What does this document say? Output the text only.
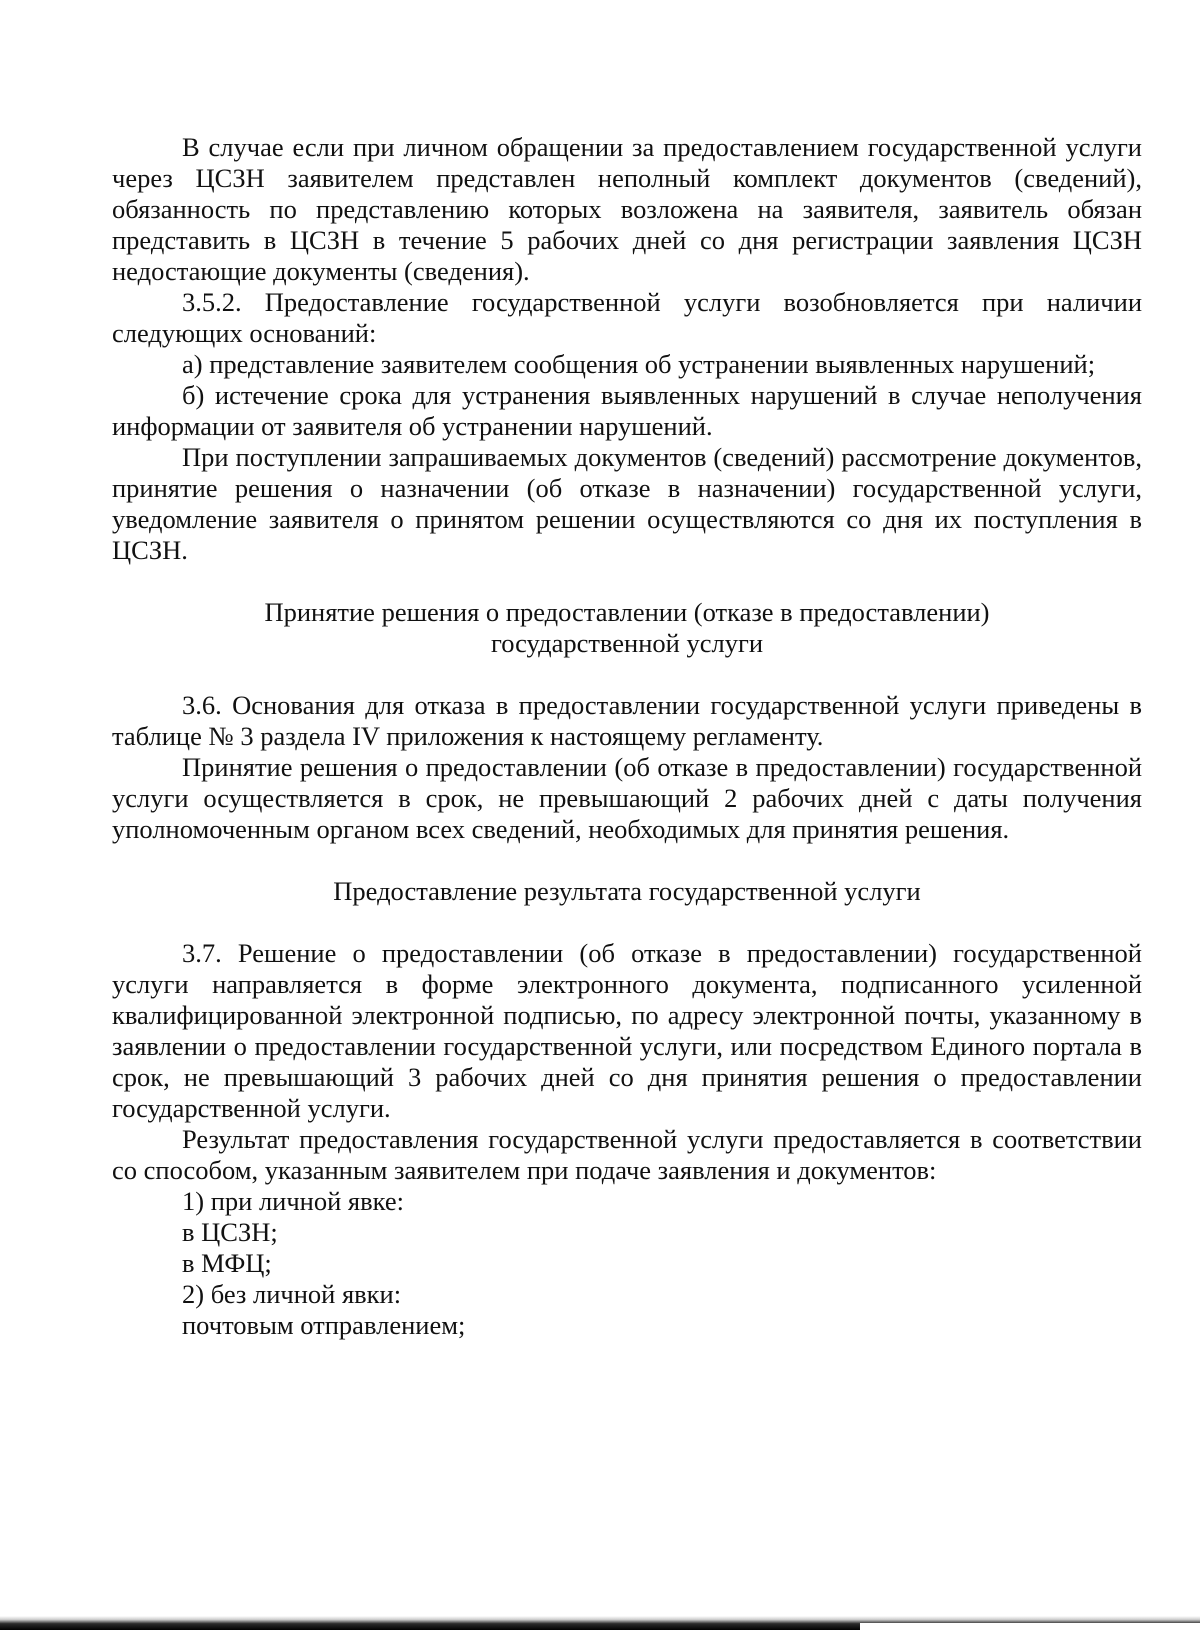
В случае если при личном обращении за предоставлением государственной услуги через ЦСЗН заявителем представлен неполный комплект документов (сведений), обязанность по представлению которых возложена на заявителя, заявитель обязан представить в ЦСЗН в течение 5 рабочих дней со дня регистрации заявления ЦСЗН недостающие документы (сведения).

3.5.2. Предоставление государственной услуги возобновляется при наличии следующих оснований:

а) представление заявителем сообщения об устранении выявленных нарушений;

б) истечение срока для устранения выявленных нарушений в случае неполучения информации от заявителя об устранении нарушений.

При поступлении запрашиваемых документов (сведений) рассмотрение документов, принятие решения о назначении (об отказе в назначении) государственной услуги, уведомление заявителя о принятом решении осуществляются со дня их поступления в ЦСЗН.

Принятие решения о предоставлении (отказе в предоставлении)
государственной услуги

3.6. Основания для отказа в предоставлении государственной услуги приведены в таблице № 3 раздела IV приложения к настоящему регламенту.

Принятие решения о предоставлении (об отказе в предоставлении) государственной услуги осуществляется в срок, не превышающий 2 рабочих дней с даты получения уполномоченным органом всех сведений, необходимых для принятия решения.

Предоставление результата государственной услуги

3.7. Решение о предоставлении (об отказе в предоставлении) государственной услуги направляется в форме электронного документа, подписанного усиленной квалифицированной электронной подписью, по адресу электронной почты, указанному в заявлении о предоставлении государственной услуги, или посредством Единого портала в срок, не превышающий 3 рабочих дней со дня принятия решения о предоставлении государственной услуги.

Результат предоставления государственной услуги предоставляется в соответствии со способом, указанным заявителем при подаче заявления и документов:

1) при личной явке:

в ЦСЗН;

в МФЦ;

2) без личной явки:

почтовым отправлением;
